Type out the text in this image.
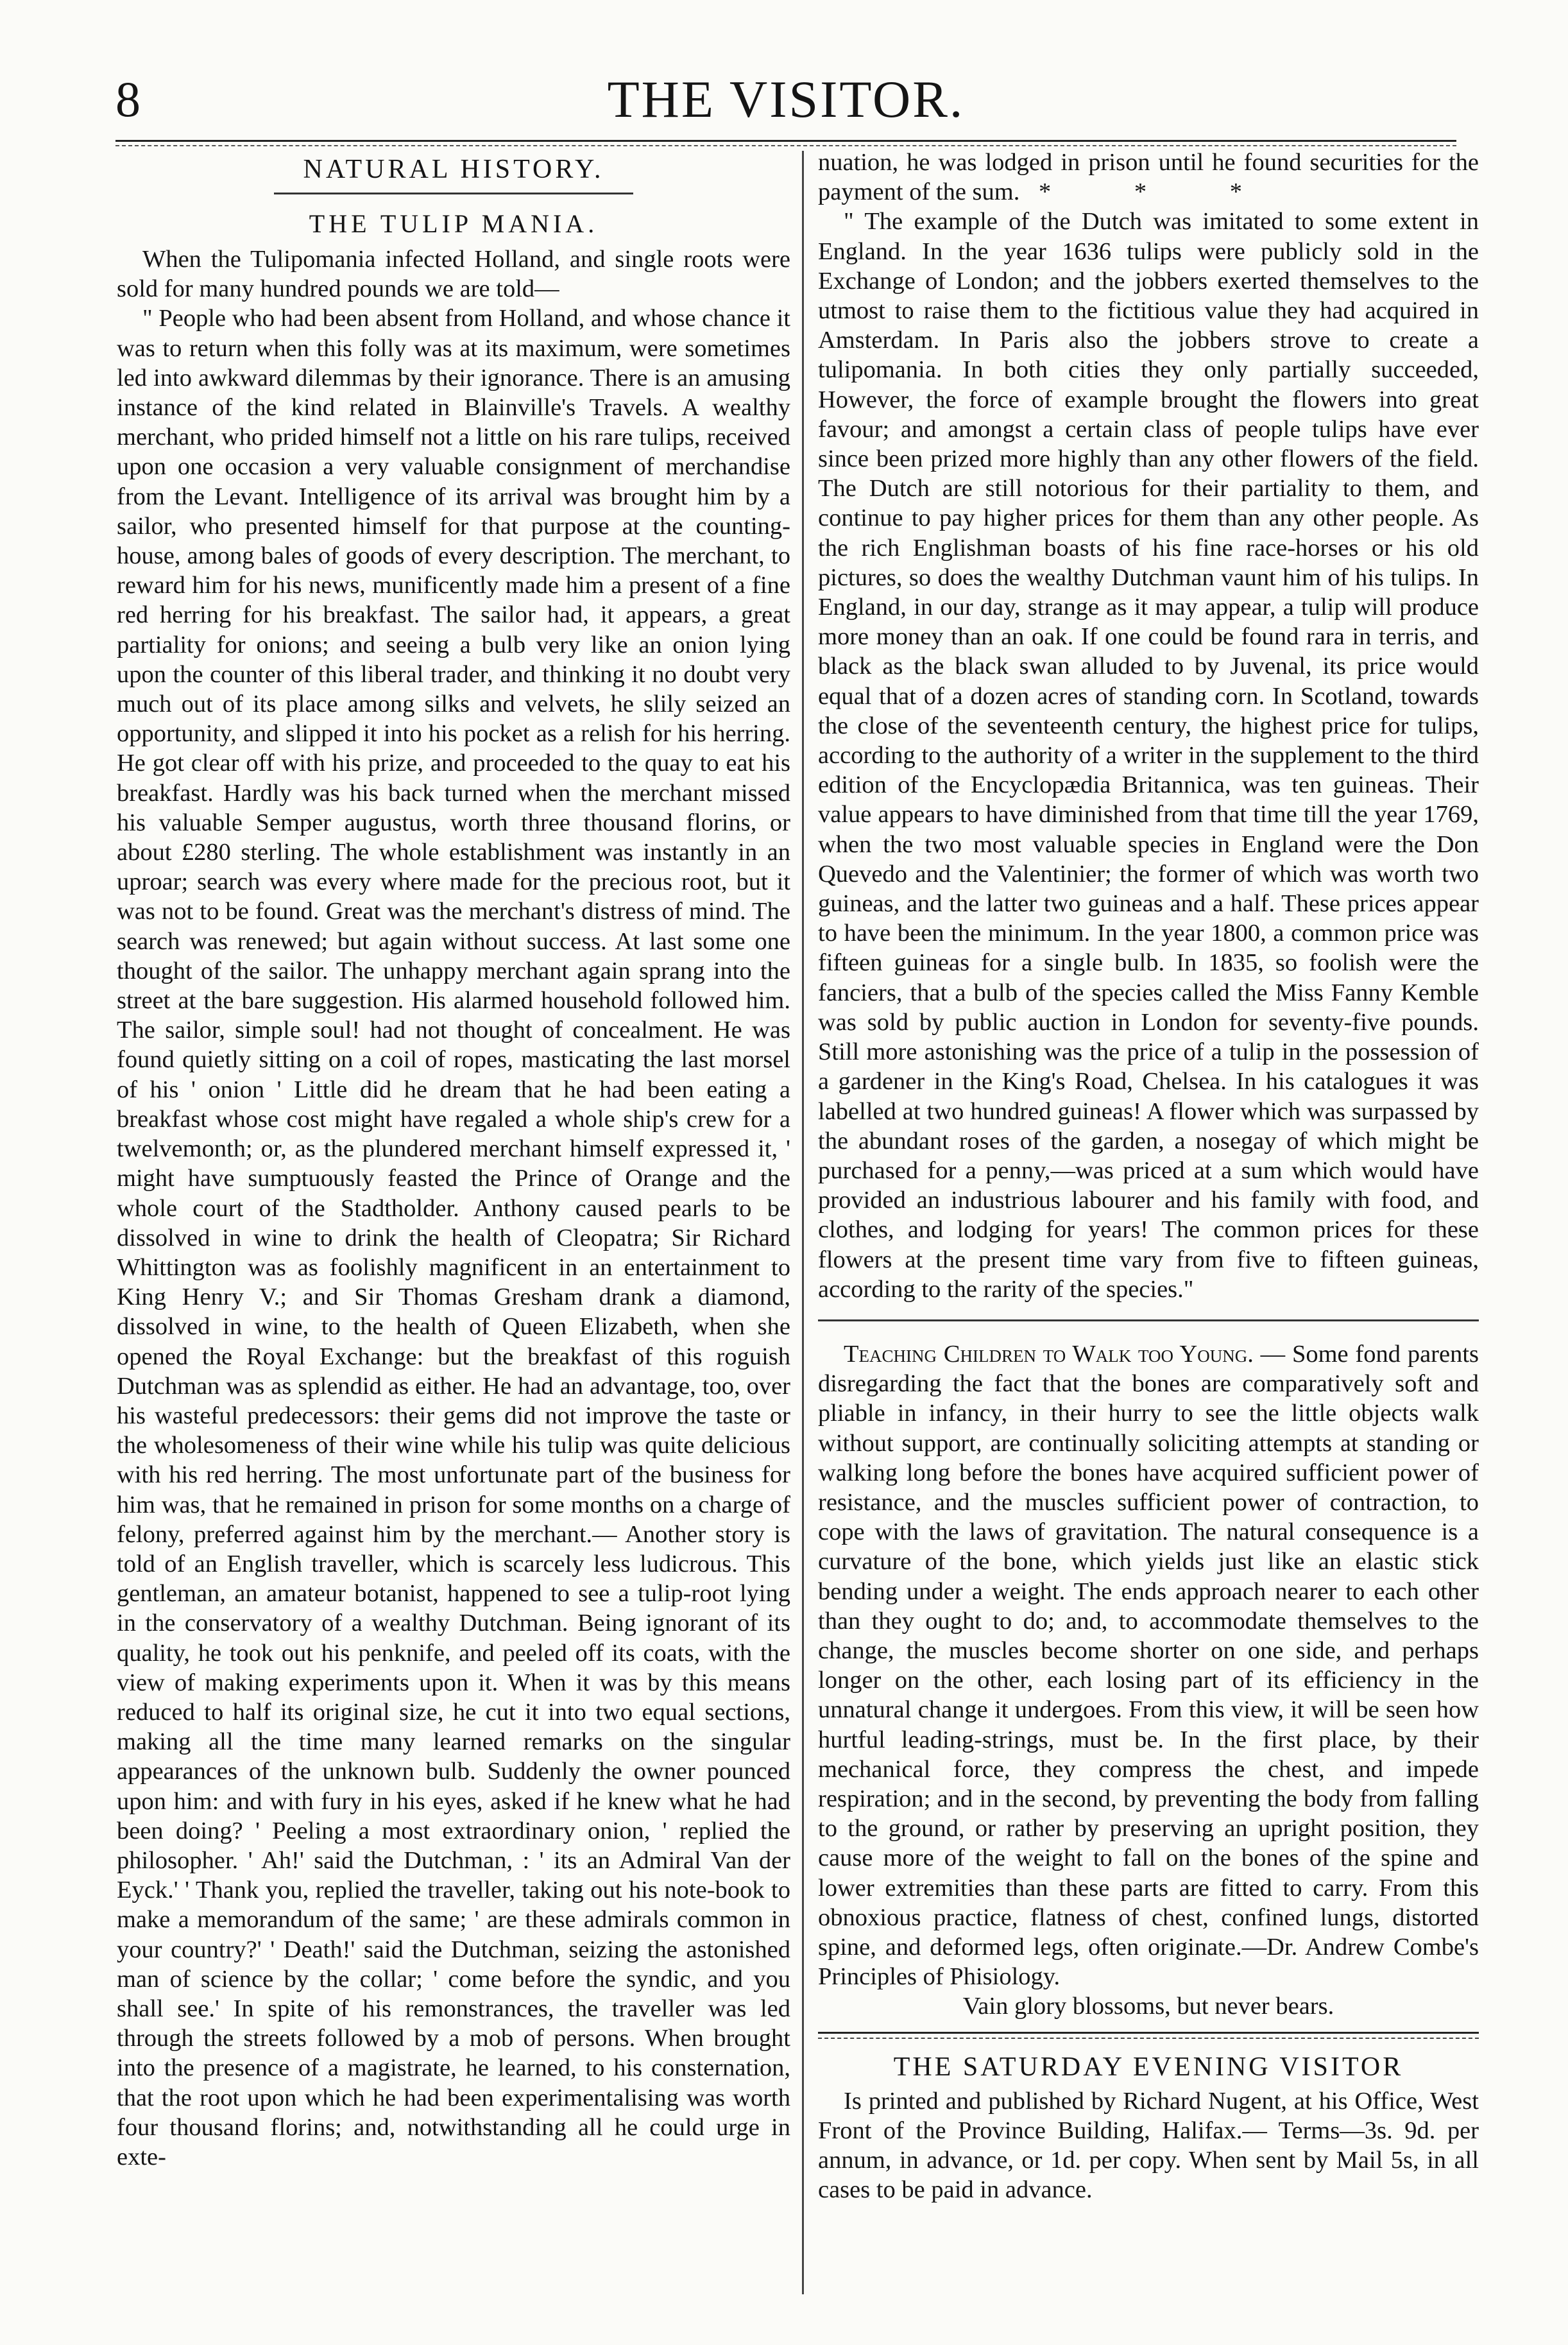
8	THE VISITOR.
NATURAL HISTORY.
THE TULIP MANIA.

When the Tulipomania infected Holland, and single roots were sold for many hundred pounds we are told—

" People who had been absent from Holland, and whose chance it was to return when this folly was at its maximum, were sometimes led into awkward dilemmas by their ignorance. There is an amusing instance of the kind related in Blainville's Travels. A wealthy merchant, who prided himself not a little on his rare tulips, received upon one occasion a very valuable consignment of merchandise from the Levant. Intelligence of its arrival was brought him by a sailor, who presented himself for that purpose at the counting-house, among bales of goods of every description. The merchant, to reward him for his news, munificently made him a present of a fine red herring for his breakfast. The sailor had, it appears, a great partiality for onions; and seeing a bulb very like an onion lying upon the counter of this liberal trader, and thinking it no doubt very much out of its place among silks and velvets, he slily seized an opportunity, and slipped it into his pocket as a relish for his herring. He got clear off with his prize, and proceeded to the quay to eat his breakfast. Hardly was his back turned when the merchant missed his valuable Semper augustus, worth three thousand florins, or about £280 sterling. The whole establishment was instantly in an uproar; search was every where made for the precious root, but it was not to be found. Great was the merchant's distress of mind. The search was renewed; but again without success. At last some one thought of the sailor. The unhappy merchant again sprang into the street at the bare suggestion. His alarmed household followed him. The sailor, simple soul! had not thought of concealment. He was found quietly sitting on a coil of ropes, masticating the last morsel of his ' onion ' Little did he dream that he had been eating a breakfast whose cost might have regaled a whole ship's crew for a twelvemonth; or, as the plundered merchant himself expressed it, ' might have sumptuously feasted the Prince of Orange and the whole court of the Stadtholder. Anthony caused pearls to be dissolved in wine to drink the health of Cleopatra; Sir Richard Whittington was as foolishly magnificent in an entertainment to King Henry V.; and Sir Thomas Gresham drank a diamond, dissolved in wine, to the health of Queen Elizabeth, when she opened the Royal Exchange: but the breakfast of this roguish Dutchman was as splendid as either. He had an advantage, too, over his wasteful predecessors: their gems did not improve the taste or the wholesomeness of their wine while his tulip was quite delicious with his red herring. The most unfortunate part of the business for him was, that he remained in prison for some months on a charge of felony, preferred against him by the merchant.— Another story is told of an English traveller, which is scarcely less ludicrous. This gentleman, an amateur botanist, happened to see a tulip-root lying in the conservatory of a wealthy Dutchman. Being ignorant of its quality, he took out his penknife, and peeled off its coats, with the view of making experiments upon it. When it was by this means reduced to half its original size, he cut it into two equal sections, making all the time many learned remarks on the singular appearances of the unknown bulb. Suddenly the owner pounced upon him: and with fury in his eyes, asked if he knew what he had been doing? ' Peeling a most extraordinary onion, ' replied the philosopher. ' Ah!' said the Dutchman, : ' its an Admiral Van der Eyck.' ' Thank you, replied the traveller, taking out his note-book to make a memorandum of the same; ' are these admirals common in your country?' ' Death!' said the Dutchman, seizing the astonished man of science by the collar; ' come before the syndic, and you shall see.' In spite of his remonstrances, the traveller was led through the streets followed by a mob of persons. When brought into the presence of a magistrate, he learned, to his consternation, that the root upon which he had been experimentalising was worth four thousand florins; and, notwithstanding all he could urge in exte-

nuation, he was lodged in prison until he found securities for the payment of the sum. * * *

" The example of the Dutch was imitated to some extent in England. In the year 1636 tulips were publicly sold in the Exchange of London; and the jobbers exerted themselves to the utmost to raise them to the fictitious value they had acquired in Amsterdam. In Paris also the jobbers strove to create a tulipomania. In both cities they only partially succeeded, However, the force of example brought the flowers into great favour; and amongst a certain class of people tulips have ever since been prized more highly than any other flowers of the field. The Dutch are still notorious for their partiality to them, and continue to pay higher prices for them than any other people. As the rich Englishman boasts of his fine race-horses or his old pictures, so does the wealthy Dutchman vaunt him of his tulips. In England, in our day, strange as it may appear, a tulip will produce more money than an oak. If one could be found rara in terris, and black as the black swan alluded to by Juvenal, its price would equal that of a dozen acres of standing corn. In Scotland, towards the close of the seventeenth century, the highest price for tulips, according to the authority of a writer in the supplement to the third edition of the Encyclopædia Britannica, was ten guineas. Their value appears to have diminished from that time till the year 1769, when the two most valuable species in England were the Don Quevedo and the Valentinier; the former of which was worth two guineas, and the latter two guineas and a half. These prices appear to have been the minimum. In the year 1800, a common price was fifteen guineas for a single bulb. In 1835, so foolish were the fanciers, that a bulb of the species called the Miss Fanny Kemble was sold by public auction in London for seventy-five pounds. Still more astonishing was the price of a tulip in the possession of a gardener in the King's Road, Chelsea. In his catalogues it was labelled at two hundred guineas! A flower which was surpassed by the abundant roses of the garden, a nosegay of which might be purchased for a penny,—was priced at a sum which would have provided an industrious labourer and his family with food, and clothes, and lodging for years! The common prices for these flowers at the present time vary from five to fifteen guineas, according to the rarity of the species."

Teaching Children to Walk too Young. — Some fond parents disregarding the fact that the bones are comparatively soft and pliable in infancy, in their hurry to see the little objects walk without support, are continually soliciting attempts at standing or walking long before the bones have acquired sufficient power of resistance, and the muscles sufficient power of contraction, to cope with the laws of gravitation. The natural consequence is a curvature of the bone, which yields just like an elastic stick bending under a weight. The ends approach nearer to each other than they ought to do; and, to accommodate themselves to the change, the muscles become shorter on one side, and perhaps longer on the other, each losing part of its efficiency in the unnatural change it undergoes. From this view, it will be seen how hurtful leading-strings, must be. In the first place, by their mechanical force, they compress the chest, and impede respiration; and in the second, by preventing the body from falling to the ground, or rather by preserving an upright position, they cause more of the weight to fall on the bones of the spine and lower extremities than these parts are fitted to carry. From this obnoxious practice, flatness of chest, confined lungs, distorted spine, and deformed legs, often originate.—Dr. Andrew Combe's Principles of Phisiology.

Vain glory blossoms, but never bears.

THE SATURDAY EVENING VISITOR

Is printed and published by Richard Nugent, at his Office, West Front of the Province Building, Halifax.— Terms—3s. 9d. per annum, in advance, or 1d. per copy. When sent by Mail 5s, in all cases to be paid in advance.
